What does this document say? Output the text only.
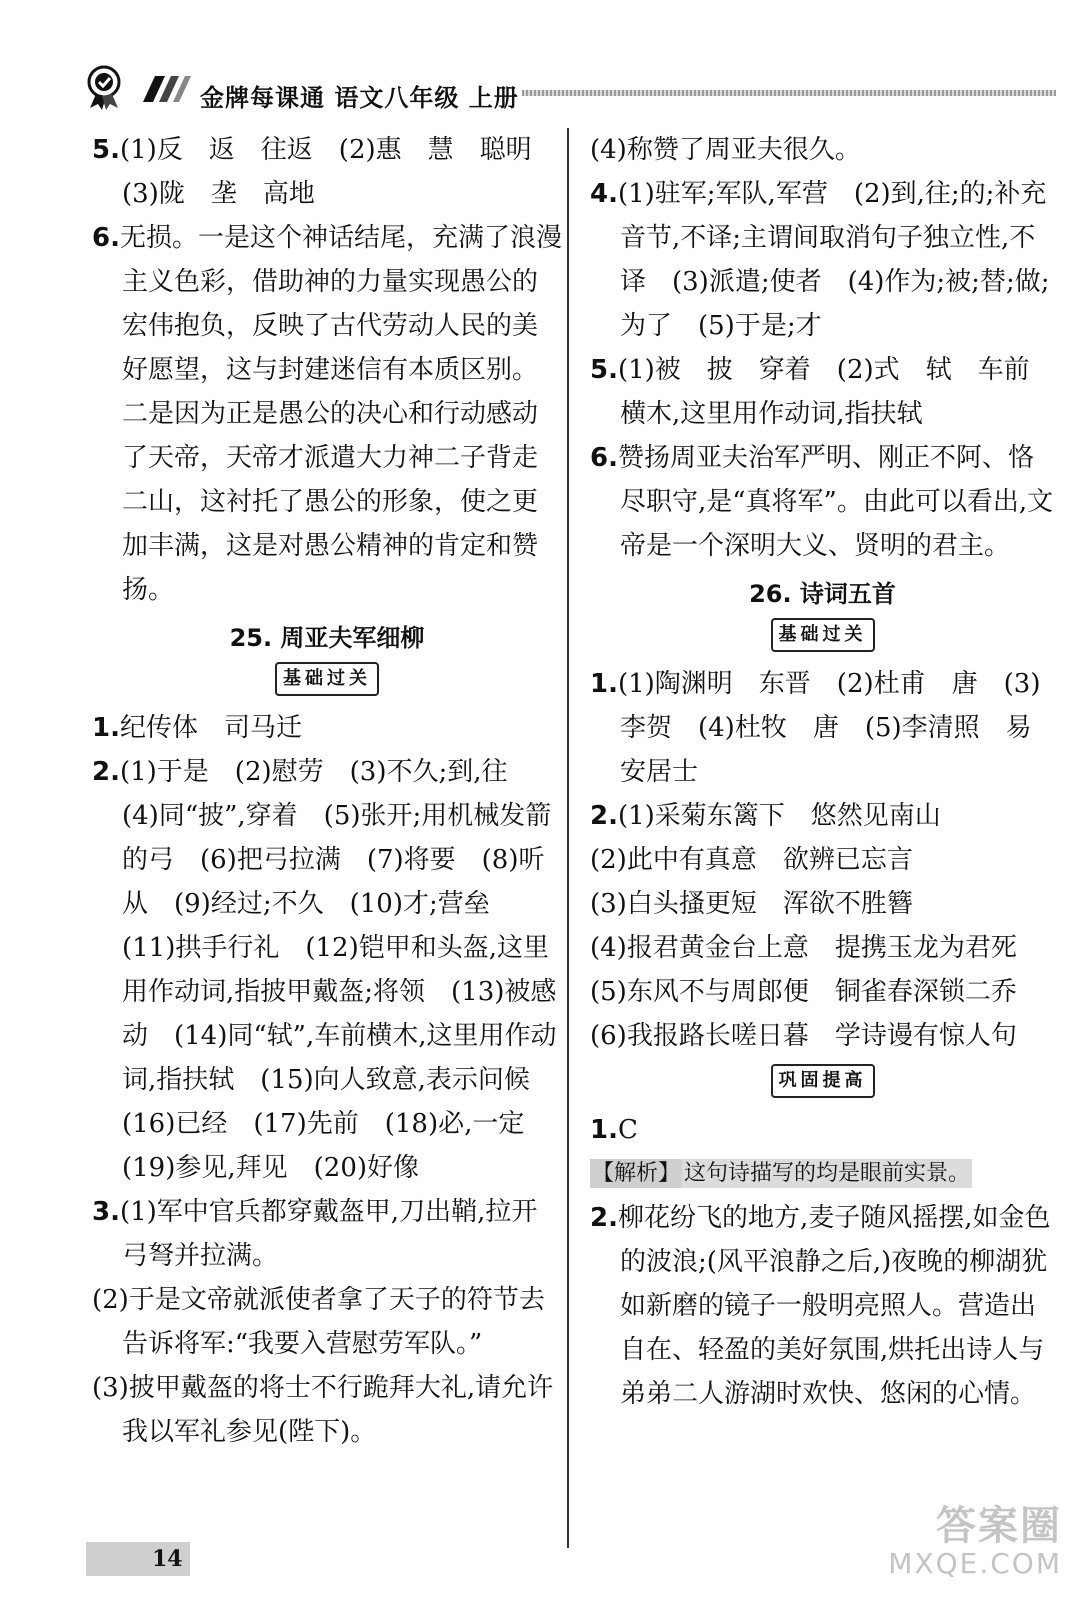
金牌每课通 语文八年级 上册

5.(1)反　返　往返　(2)惠　慧　聪明　(3)陇　垄　高地

6.无损。一是这个神话结尾，充满了浪漫主义色彩，借助神的力量实现愚公的宏伟抱负，反映了古代劳动人民的美好愿望，这与封建迷信有本质区别。二是因为正是愚公的决心和行动感动了天帝，天帝才派遣大力神二子背走二山，这衬托了愚公的形象，使之更加丰满，这是对愚公精神的肯定和赞扬。

25. 周亚夫军细柳
基础过关

1.纪传体　司马迁

2.(1)于是　(2)慰劳　(3)不久;到,往　(4)同“披”,穿着　(5)张开;用机械发箭的弓　(6)把弓拉满　(7)将要　(8)听从　(9)经过;不久　(10)才;营垒　(11)拱手行礼　(12)铠甲和头盔,这里用作动词,指披甲戴盔;将领　(13)被感动　(14)同“轼”,车前横木,这里用作动词,指扶轼　(15)向人致意,表示问候　(16)已经　(17)先前　(18)必,一定　(19)参见,拜见　(20)好像

3.(1)军中官兵都穿戴盔甲,刀出鞘,拉开弓弩并拉满。

(2)于是文帝就派使者拿了天子的符节去告诉将军:“我要入营慰劳军队。”

(3)披甲戴盔的将士不行跪拜大礼,请允许我以军礼参见(陛下)。

(4)称赞了周亚夫很久。

4.(1)驻军;军队,军营　(2)到,往;的;补充音节,不译;主谓间取消句子独立性,不译　(3)派遣;使者　(4)作为;被;替;做;为了　(5)于是;才

5.(1)被　披　穿着　(2)式　轼　车前横木,这里用作动词,指扶轼

6.赞扬周亚夫治军严明、刚正不阿、恪尽职守,是“真将军”。由此可以看出,文帝是一个深明大义、贤明的君主。

26. 诗词五首
基础过关

1.(1)陶渊明　东晋　(2)杜甫　唐　(3)李贺　(4)杜牧　唐　(5)李清照　易安居士

2.(1)采菊东篱下　悠然见南山

(2)此中有真意　欲辨已忘言

(3)白头搔更短　浑欲不胜簪

(4)报君黄金台上意　提携玉龙为君死

(5)东风不与周郎便　铜雀春深锁二乔

(6)我报路长嗟日暮　学诗谩有惊人句

巩固提高

1.C

【解析】 这句诗描写的均是眼前实景。

2.柳花纷飞的地方,麦子随风摇摆,如金色的波浪;(风平浪静之后,)夜晚的柳湖犹如新磨的镜子一般明亮照人。营造出自在、轻盈的美好氛围,烘托出诗人与弟弟二人游湖时欢快、悠闲的心情。

14
答案圈
MXQE.COM
